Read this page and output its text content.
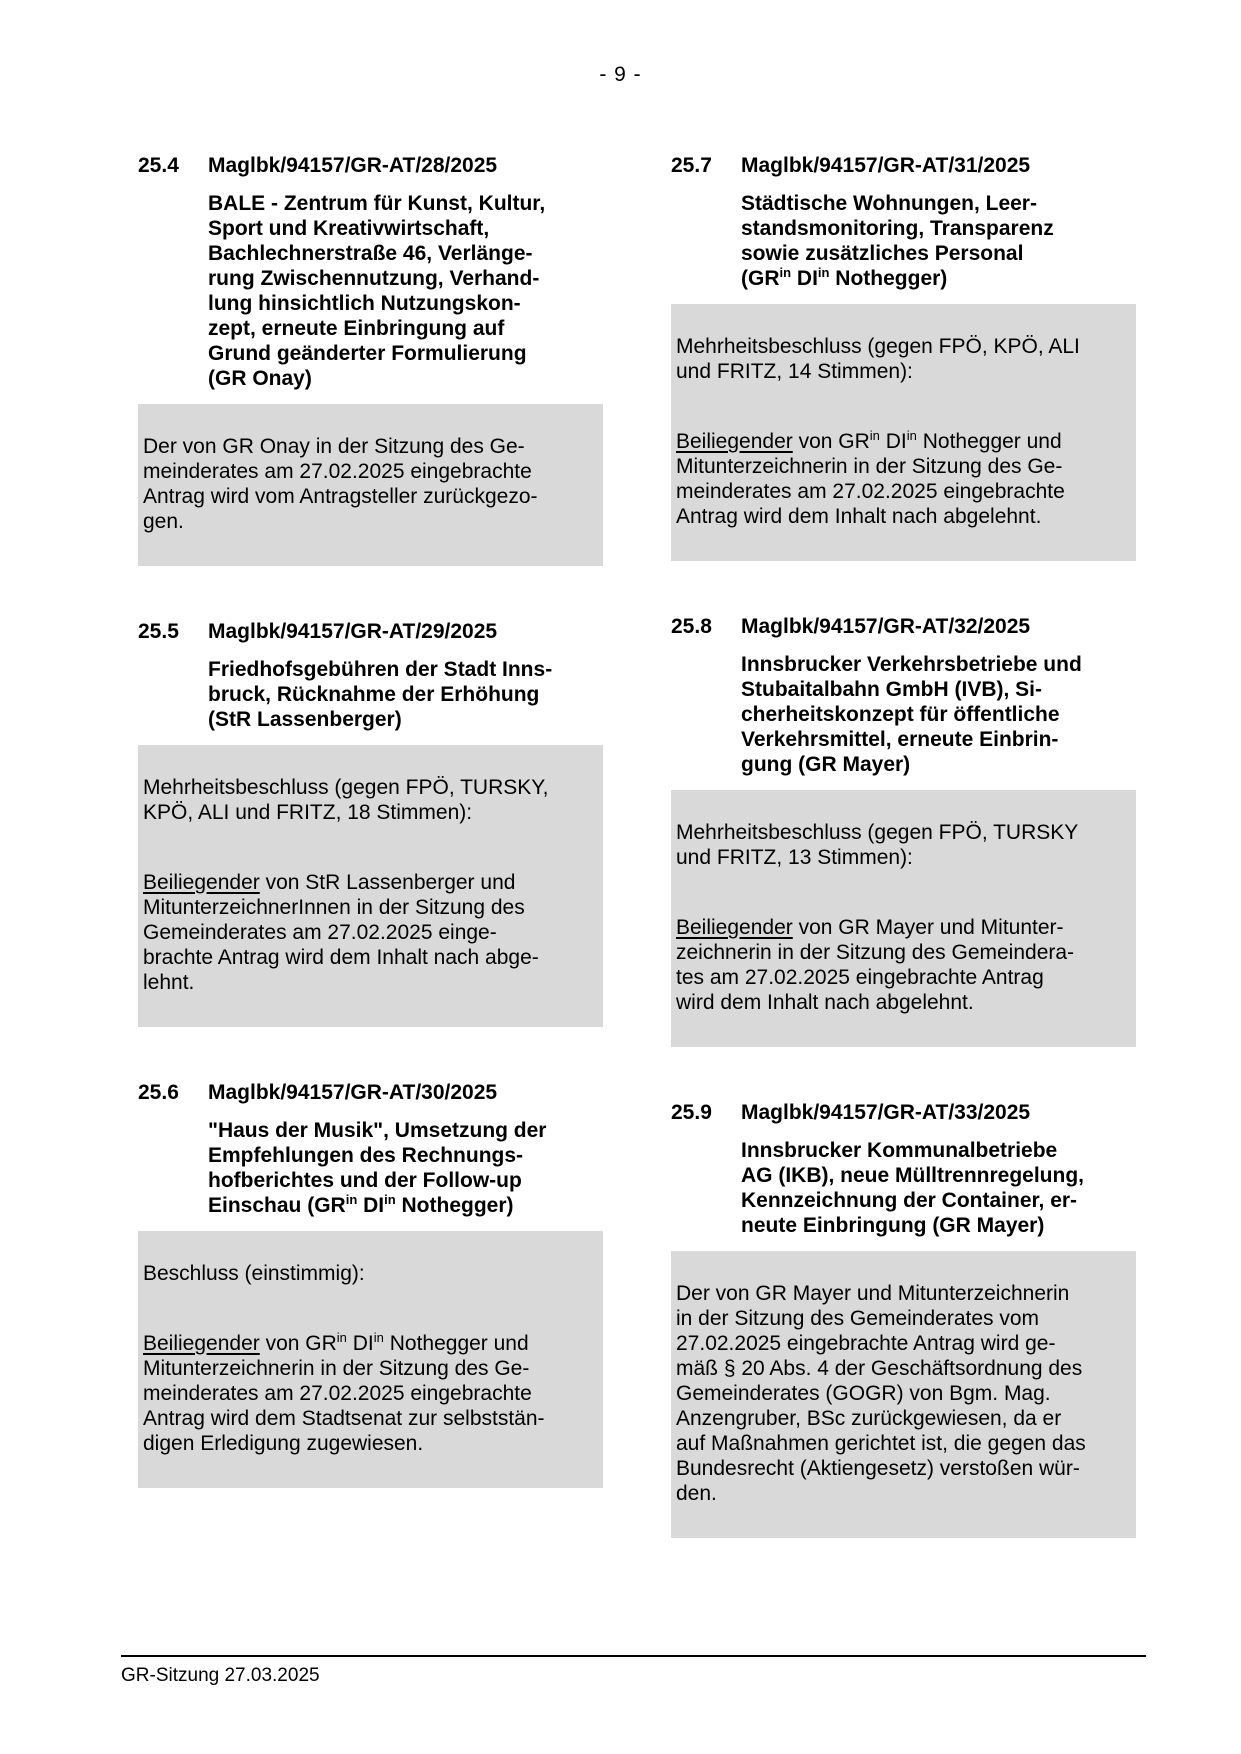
- 9 -
25.4	Maglbk/94157/GR-AT/28/2025
BALE - Zentrum für Kunst, Kultur,
Sport und Kreativwirtschaft,
Bachlechnerstraße 46, Verlänge-
rung Zwischennutzung, Verhand-
lung hinsichtlich Nutzungskon-
zept, erneute Einbringung auf
Grund geänderter Formulierung
(GR Onay)

Der von GR Onay in der Sitzung des Ge-
meinderates am 27.02.2025 eingebrachte
Antrag wird vom Antragsteller zurückgezo-
gen.

25.5	Maglbk/94157/GR-AT/29/2025
Friedhofsgebühren der Stadt Inns-
bruck, Rücknahme der Erhöhung
(StR Lassenberger)

Mehrheitsbeschluss (gegen FPÖ, TURSKY,
KPÖ, ALI und FRITZ, 18 Stimmen):

Beiliegender von StR Lassenberger und
MitunterzeichnerInnen in der Sitzung des
Gemeinderates am 27.02.2025 einge-
brachte Antrag wird dem Inhalt nach abge-
lehnt.

25.6	Maglbk/94157/GR-AT/30/2025
"Haus der Musik", Umsetzung der
Empfehlungen des Rechnungs-
hofberichtes und der Follow-up
Einschau ($GR^{in}$ $DI^{in}$ Nothegger)

Beschluss (einstimmig):

Beiliegender von $GR^{in}$ $DI^{in}$ Nothegger und
Mitunterzeichnerin in der Sitzung des Ge-
meinderates am 27.02.2025 eingebrachte
Antrag wird dem Stadtsenat zur selbststän-
digen Erledigung zugewiesen.

25.7	Maglbk/94157/GR-AT/31/2025
Städtische Wohnungen, Leer-
standsmonitoring, Transparenz
sowie zusätzliches Personal
($GR^{in}$ $DI^{in}$ Nothegger)

Mehrheitsbeschluss (gegen FPÖ, KPÖ, ALI
und FRITZ, 14 Stimmen):

Beiliegender von $GR^{in}$ $DI^{in}$ Nothegger und
Mitunterzeichnerin in der Sitzung des Ge-
meinderates am 27.02.2025 eingebrachte
Antrag wird dem Inhalt nach abgelehnt.

25.8	Maglbk/94157/GR-AT/32/2025
Innsbrucker Verkehrsbetriebe und
Stubaitalbahn GmbH (IVB), Si-
cherheitskonzept für öffentliche
Verkehrsmittel, erneute Einbrin-
gung (GR Mayer)

Mehrheitsbeschluss (gegen FPÖ, TURSKY
und FRITZ, 13 Stimmen):

Beiliegender von GR Mayer und Mitunter-
zeichnerin in der Sitzung des Gemeindera-
tes am 27.02.2025 eingebrachte Antrag
wird dem Inhalt nach abgelehnt.

25.9	Maglbk/94157/GR-AT/33/2025
Innsbrucker Kommunalbetriebe
AG (IKB), neue Mülltrennregelung,
Kennzeichnung der Container, er-
neute Einbringung (GR Mayer)

Der von GR Mayer und Mitunterzeichnerin
in der Sitzung des Gemeinderates vom
27.02.2025 eingebrachte Antrag wird ge-
mäß § 20 Abs. 4 der Geschäftsordnung des
Gemeinderates (GOGR) von Bgm. Mag.
Anzengruber, BSc zurückgewiesen, da er
auf Maßnahmen gerichtet ist, die gegen das
Bundesrecht (Aktiengesetz) verstoßen wür-
den.

GR-Sitzung 27.03.2025
